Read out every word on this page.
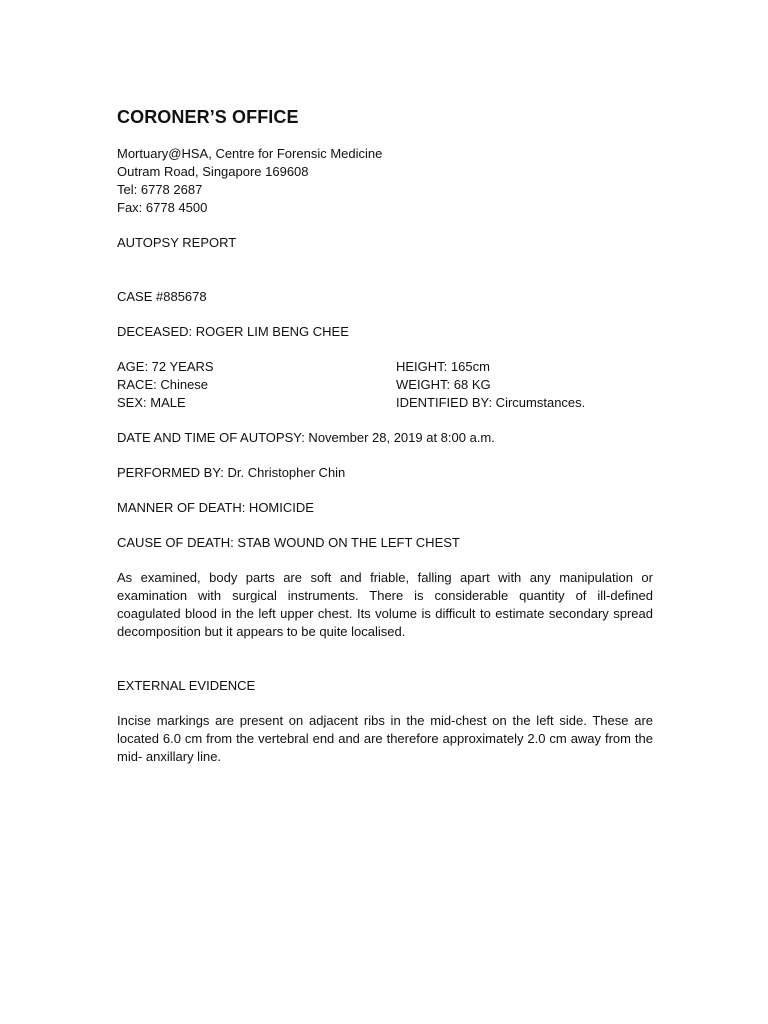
CORONER’S OFFICE
Mortuary@HSA, Centre for Forensic Medicine
Outram Road, Singapore 169608
Tel: 6778 2687
Fax: 6778 4500
AUTOPSY REPORT
CASE #885678
DECEASED: ROGER LIM BENG CHEE
AGE: 72 YEARS	HEIGHT: 165cm
RACE: Chinese	WEIGHT: 68 KG
SEX: MALE	IDENTIFIED BY: Circumstances.
DATE AND TIME OF AUTOPSY: November 28, 2019 at 8:00 a.m.
PERFORMED BY: Dr. Christopher Chin
MANNER OF DEATH: HOMICIDE
CAUSE OF DEATH: STAB WOUND ON THE LEFT CHEST

As examined, body parts are soft and friable, falling apart with any manipulation or examination with surgical instruments. There is considerable quantity of ill-defined coagulated blood in the left upper chest. Its volume is difficult to estimate secondary spread decomposition but it appears to be quite localised.

EXTERNAL EVIDENCE

Incise markings are present on adjacent ribs in the mid-chest on the left side. These are located 6.0 cm from the vertebral end and are therefore approximately 2.0 cm away from the mid- anxillary line.
